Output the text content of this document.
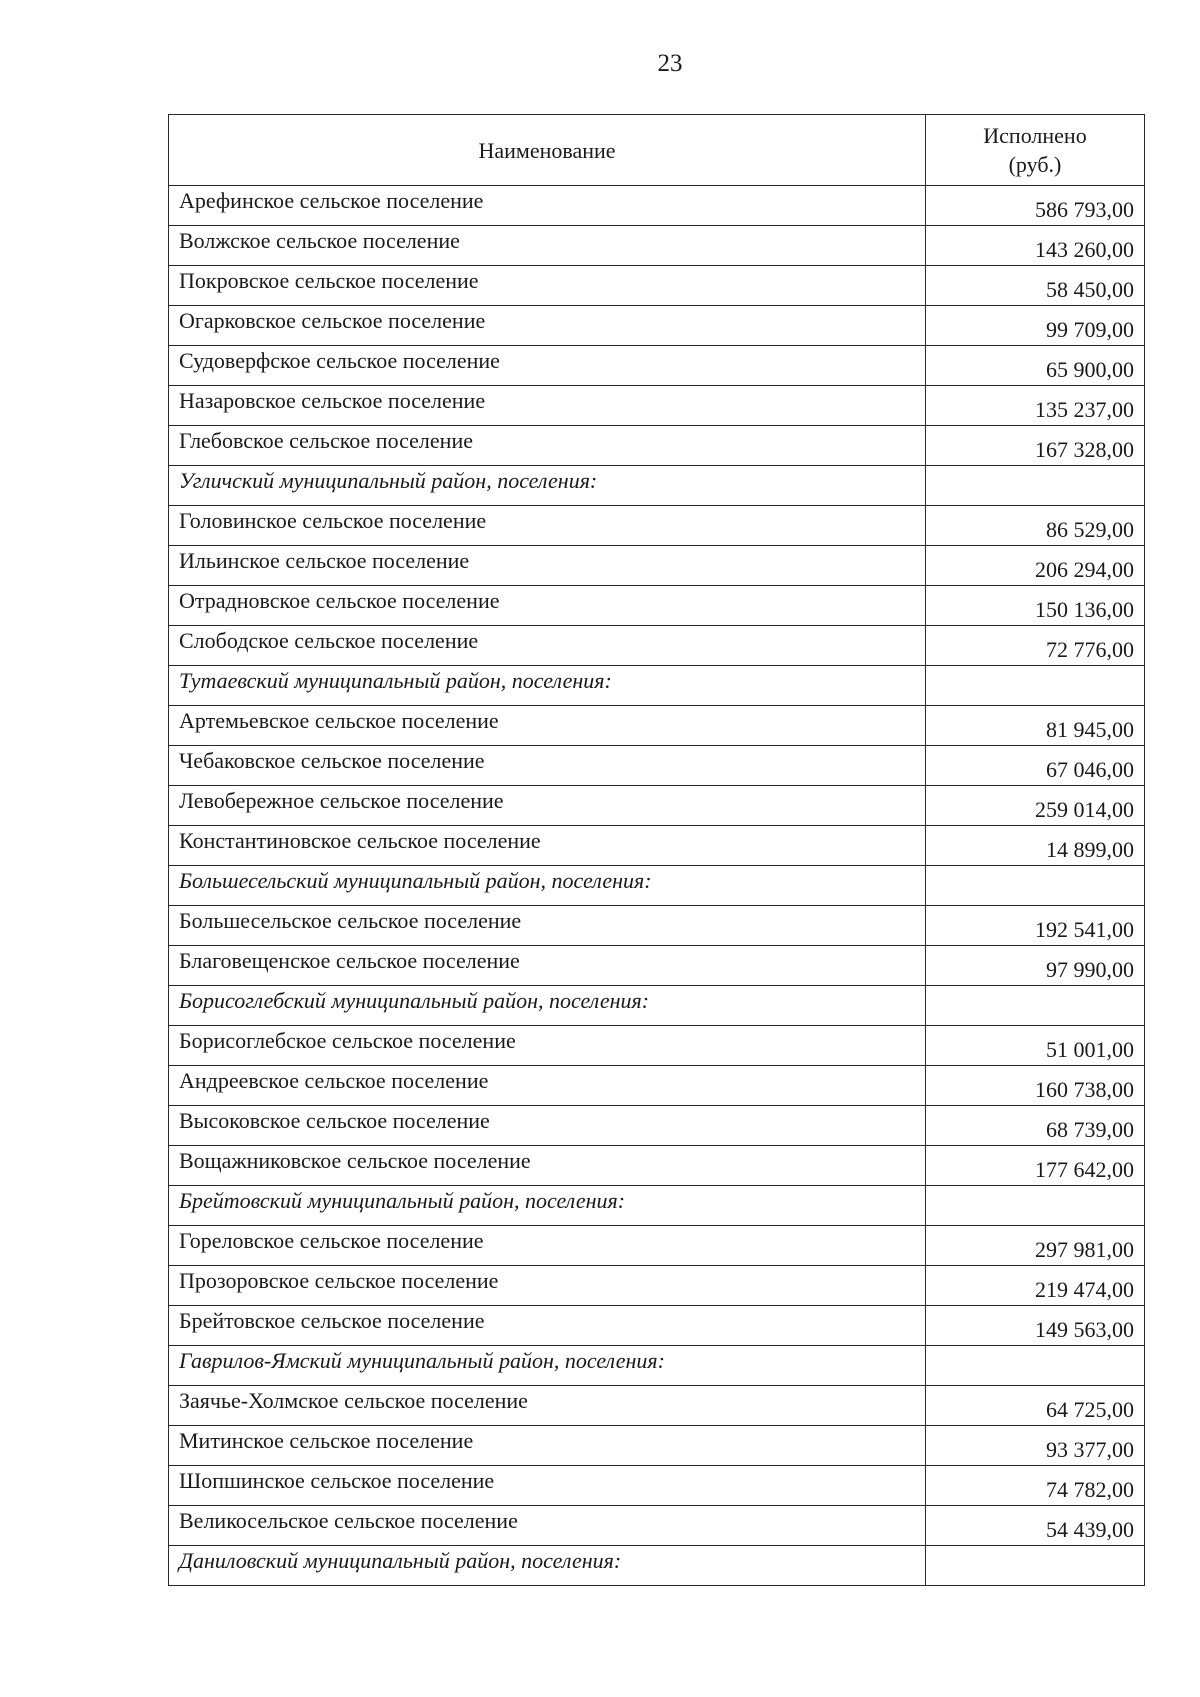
23
Наименование	Исполнено
(руб.)

Арефинское сельское поселение	586 793,00
Волжское сельское поселение	143 260,00
Покровское сельское поселение	58 450,00
Огарковское сельское поселение	99 709,00
Судоверфское сельское поселение	65 900,00
Назаровское сельское поселение	135 237,00
Глебовское сельское поселение	167 328,00
Угличский муниципальный район, поселения:	
Головинское сельское поселение	86 529,00
Ильинское сельское поселение	206 294,00
Отрадновское сельское поселение	150 136,00
Слободское сельское поселение	72 776,00
Тутаевский муниципальный район, поселения:	
Артемьевское сельское поселение	81 945,00
Чебаковское сельское поселение	67 046,00
Левобережное сельское поселение	259 014,00
Константиновское сельское поселение	14 899,00
Большесельский муниципальный район, поселения:	
Большесельское сельское поселение	192 541,00
Благовещенское сельское поселение	97 990,00
Борисоглебский муниципальный район, поселения:	
Борисоглебское сельское поселение	51 001,00
Андреевское сельское поселение	160 738,00
Высоковское сельское поселение	68 739,00
Вощажниковское сельское поселение	177 642,00
Брейтовский муниципальный район, поселения:	
Гореловское сельское поселение	297 981,00
Прозоровское сельское поселение	219 474,00
Брейтовское сельское поселение	149 563,00
Гаврилов-Ямский муниципальный район, поселения:	
Заячье-Холмское сельское поселение	64 725,00
Митинское сельское поселение	93 377,00
Шопшинское сельское поселение	74 782,00
Великосельское сельское поселение	54 439,00
Даниловский муниципальный район, поселения:	
